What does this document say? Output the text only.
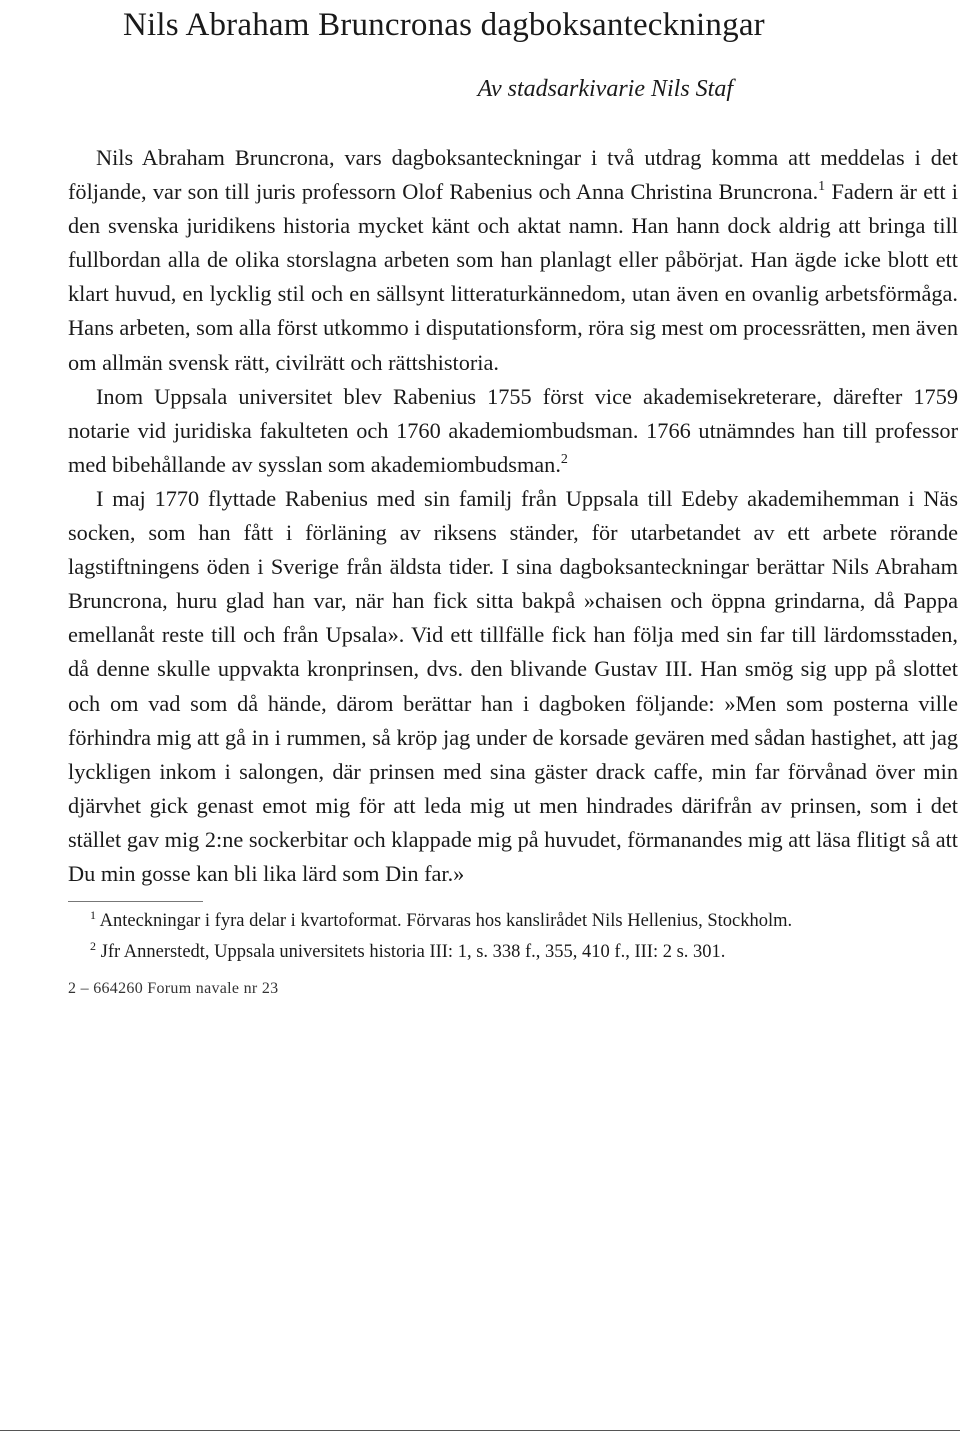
Nils Abraham Bruncronas dagboksanteckningar
Av stadsarkivarie Nils Staf

Nils Abraham Bruncrona, vars dagboksanteckningar i två utdrag komma att meddelas i det följande, var son till juris professorn Olof Rabenius och Anna Christina Bruncrona.$^1$ Fadern är ett i den svenska juridikens historia mycket känt och aktat namn. Han hann dock aldrig att bringa till fullbordan alla de olika storslagna arbeten som han planlagt eller påbörjat. Han ägde icke blott ett klart huvud, en lycklig stil och en sällsynt litteraturkännedom, utan även en ovanlig arbetsförmåga. Hans arbeten, som alla först utkommo i disputationsform, röra sig mest om processrätten, men även om allmän svensk rätt, civilrätt och rättshistoria.

Inom Uppsala universitet blev Rabenius 1755 först vice akademisekreterare, därefter 1759 notarie vid juridiska fakulteten och 1760 akademiombudsman. 1766 utnämndes han till professor med bibehållande av sysslan som akademiombudsman.$^2$

I maj 1770 flyttade Rabenius med sin familj från Uppsala till Edeby akademihemman i Näs socken, som han fått i förläning av riksens ständer, för utarbetandet av ett arbete rörande lagstiftningens öden i Sverige från äldsta tider. I sina dagboksanteckningar berättar Nils Abraham Bruncrona, huru glad han var, när han fick sitta bakpå »chaisen och öppna grindarna, då Pappa emellanåt reste till och från Upsala». Vid ett tillfälle fick han följa med sin far till lärdomsstaden, då denne skulle uppvakta kronprinsen, dvs. den blivande Gustav III. Han smög sig upp på slottet och om vad som då hände, därom berättar han i dagboken följande: »Men som posterna ville förhindra mig att gå in i rummen, så kröp jag under de korsade gevären med sådan hastighet, att jag lyckligen inkom i salongen, där prinsen med sina gäster drack caffe, min far förvånad över min djärvhet gick genast emot mig för att leda mig ut men hindrades därifrån av prinsen, som i det stället gav mig 2:ne sockerbitar och klappade mig på huvudet, förmanandes mig att läsa flitigt så att Du min gosse kan bli lika lärd som Din far.»

$^1$ Anteckningar i fyra delar i kvartoformat. Förvaras hos kanslirådet Nils Hellenius, Stockholm.

$^2$ Jfr Annerstedt, Uppsala universitets historia III: 1, s. 338 f., 355, 410 f., III: 2 s. 301.

2 – 664260 Forum navale nr 23
